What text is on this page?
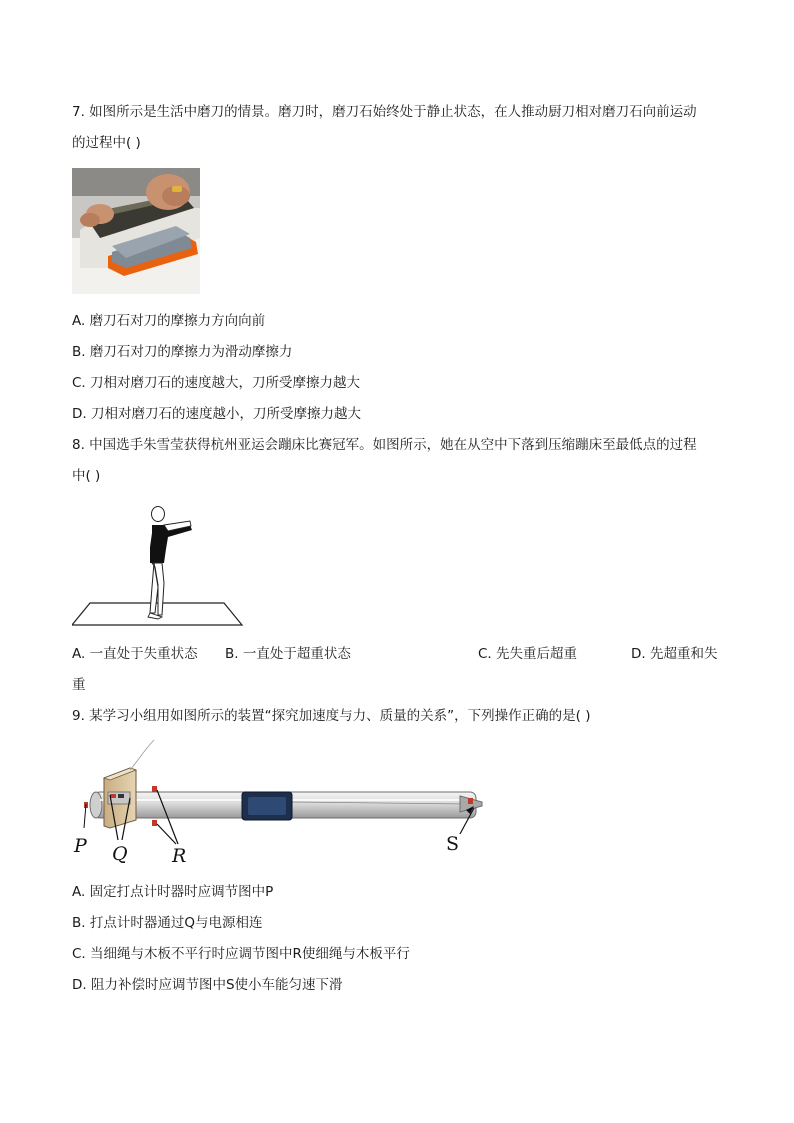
7. 如图所示是生活中磨刀的情景。磨刀时，磨刀石始终处于静止状态，在人推动厨刀相对磨刀石向前运动
的过程中( )
A. 磨刀石对刀的摩擦力方向向前
B. 磨刀石对刀的摩擦力为滑动摩擦力
C. 刀相对磨刀石的速度越大，刀所受摩擦力越大
D. 刀相对磨刀石的速度越小，刀所受摩擦力越大
8. 中国选手朱雪莹获得杭州亚运会蹦床比赛冠军。如图所示，她在从空中下落到压缩蹦床至最低点的过程
中( )
A. 一直处于失重状态 B. 一直处于超重状态	C. 先失重后超重	D. 先超重和失
重
9. 某学习小组用如图所示的装置“探究加速度与力、质量的关系”，下列操作正确的是( )
P Q R
S
A. 固定打点计时器时应调节图中P
B. 打点计时器通过Q与电源相连
C. 当细绳与木板不平行时应调节图中R使细绳与木板平行
D. 阻力补偿时应调节图中S使小车能匀速下滑
